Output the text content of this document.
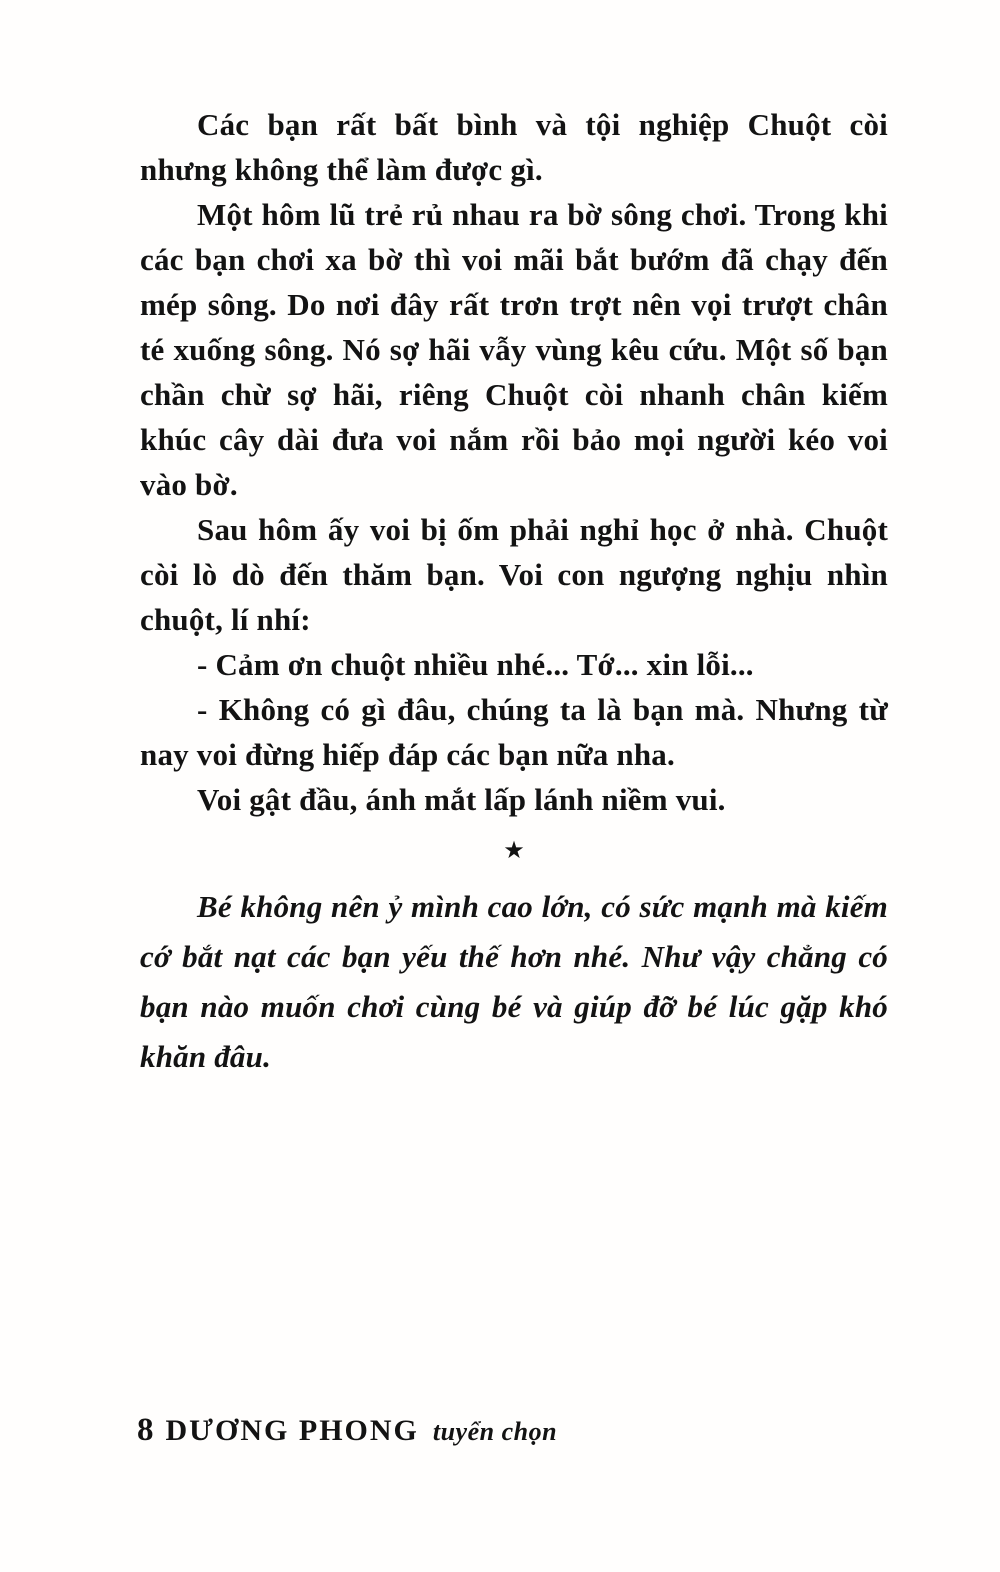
Các bạn rất bất bình và tội nghiệp Chuột còi nhưng không thể làm được gì.

Một hôm lũ trẻ rủ nhau ra bờ sông chơi. Trong khi các bạn chơi xa bờ thì voi mãi bắt bướm đã chạy đến mép sông. Do nơi đây rất trơn trợt nên vọi trượt chân té xuống sông. Nó sợ hãi vẫy vùng kêu cứu. Một số bạn chần chừ sợ hãi, riêng Chuột còi nhanh chân kiếm khúc cây dài đưa voi nắm rồi bảo mọi người kéo voi vào bờ.

Sau hôm ấy voi bị ốm phải nghỉ học ở nhà. Chuột còi lò dò đến thăm bạn. Voi con ngượng nghịu nhìn chuột, lí nhí:

- Cảm ơn chuột nhiều nhé... Tớ... xin lỗi...

- Không có gì đâu, chúng ta là bạn mà. Nhưng từ nay voi đừng hiếp đáp các bạn nữa nha.

Voi gật đầu, ánh mắt lấp lánh niềm vui.

★

Bé không nên ỷ mình cao lớn, có sức mạnh mà kiếm cớ bắt nạt các bạn yếu thế hơn nhé. Như vậy chẳng có bạn nào muốn chơi cùng bé và giúp đỡ bé lúc gặp khó khăn đâu.

8 DƯƠNG PHONG tuyển chọn
